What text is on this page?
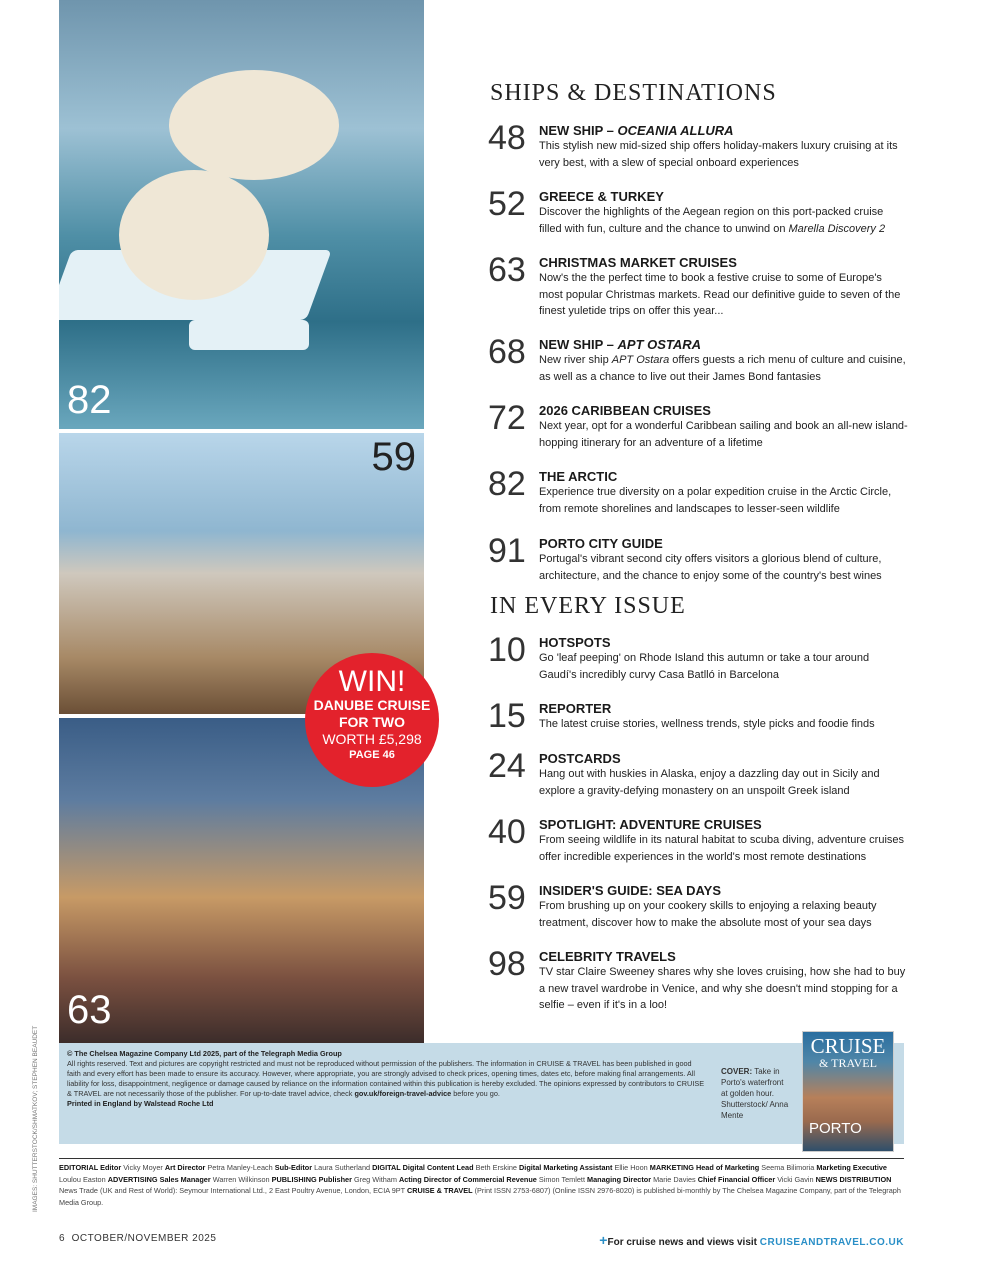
82
59
63
WIN!
DANUBE CRUISE
FOR TWO
WORTH £5,298
PAGE 46
SHIPS & DESTINATIONS
48	NEW SHIP – OCEANIA ALLURA
This stylish new mid-sized ship offers holiday-makers luxury cruising at its very best, with a slew of special onboard experiences
52	GREECE & TURKEY
Discover the highlights of the Aegean region on this port-packed cruise filled with fun, culture and the chance to unwind on Marella Discovery 2
63	CHRISTMAS MARKET CRUISES
Now's the the perfect time to book a festive cruise to some of Europe's most popular Christmas markets. Read our definitive guide to seven of the finest yuletide trips on offer this year...
68	NEW SHIP – APT OSTARA
New river ship APT Ostara offers guests a rich menu of culture and cuisine, as well as a chance to live out their James Bond fantasies
72	2026 CARIBBEAN CRUISES
Next year, opt for a wonderful Caribbean sailing and book an all-new island-hopping itinerary for an adventure of a lifetime
82	THE ARCTIC
Experience true diversity on a polar expedition cruise in the Arctic Circle, from remote shorelines and landscapes to lesser-seen wildlife
91	PORTO CITY GUIDE
Portugal's vibrant second city offers visitors a glorious blend of culture, architecture, and the chance to enjoy some of the country's best wines
IN EVERY ISSUE
10	HOTSPOTS
Go 'leaf peeping' on Rhode Island this autumn or take a tour around Gaudí's incredibly curvy Casa Batlló in Barcelona
15	REPORTER
The latest cruise stories, wellness trends, style picks and foodie finds
24	POSTCARDS
Hang out with huskies in Alaska, enjoy a dazzling day out in Sicily and explore a gravity-defying monastery on an unspoilt Greek island
40	SPOTLIGHT: ADVENTURE CRUISES
From seeing wildlife in its natural habitat to scuba diving, adventure cruises offer incredible experiences in the world's most remote destinations
59	INSIDER'S GUIDE: SEA DAYS
From brushing up on your cookery skills to enjoying a relaxing beauty treatment, discover how to make the absolute most of your sea days
98	CELEBRITY TRAVELS
TV star Claire Sweeney shares why she loves cruising, how she had to buy a new travel wardrobe in Venice, and why she doesn't mind stopping for a selfie – even if it's in a loo!
© The Chelsea Magazine Company Ltd 2025, part of the Telegraph Media Group
All rights reserved. Text and pictures are copyright restricted and must not be reproduced without permission of the publishers. The information in CRUISE & TRAVEL has been published in good faith and every effort has been made to ensure its accuracy. However, where appropriate, you are strongly advised to check prices, opening times, dates etc, before making final arrangements. All liability for loss, disappointment, negligence or damage caused by reliance on the information contained within this publication is hereby excluded. The opinions expressed by contributors to CRUISE & TRAVEL are not necessarily those of the publisher. For up-to-date travel advice, check gov.uk/foreign-travel-advice before you go.
Printed in England by Walstead Roche Ltd
COVER: Take in Porto's waterfront at golden hour. Shutterstock/ Anna Mente
CRUISE
& TRAVEL
PORTO
EDITORIAL Editor Vicky Moyer Art Director Petra Manley-Leach Sub-Editor Laura Sutherland DIGITAL Digital Content Lead Beth Erskine Digital Marketing Assistant Ellie Hoon MARKETING Head of Marketing Seema Bilimoria Marketing Executive Loulou Easton ADVERTISING Sales Manager Warren Wilkinson PUBLISHING Publisher Greg Witham Acting Director of Commercial Revenue Simon Temlett Managing Director Marie Davies Chief Financial Officer Vicki Gavin NEWS DISTRIBUTION News Trade (UK and Rest of World): Seymour International Ltd., 2 East Poultry Avenue, London, ECIA 9PT CRUISE & TRAVEL (Print ISSN 2753-6807) (Online ISSN 2976-8020) is published bi-monthly by The Chelsea Magazine Company, part of the Telegraph Media Group.
IMAGES: SHUTTERSTOCK/SHMATKOV; STEPHEN BEAUDET
6 OCTOBER/NOVEMBER 2025	+For cruise news and views visit CRUISEANDTRAVEL.CO.UK
